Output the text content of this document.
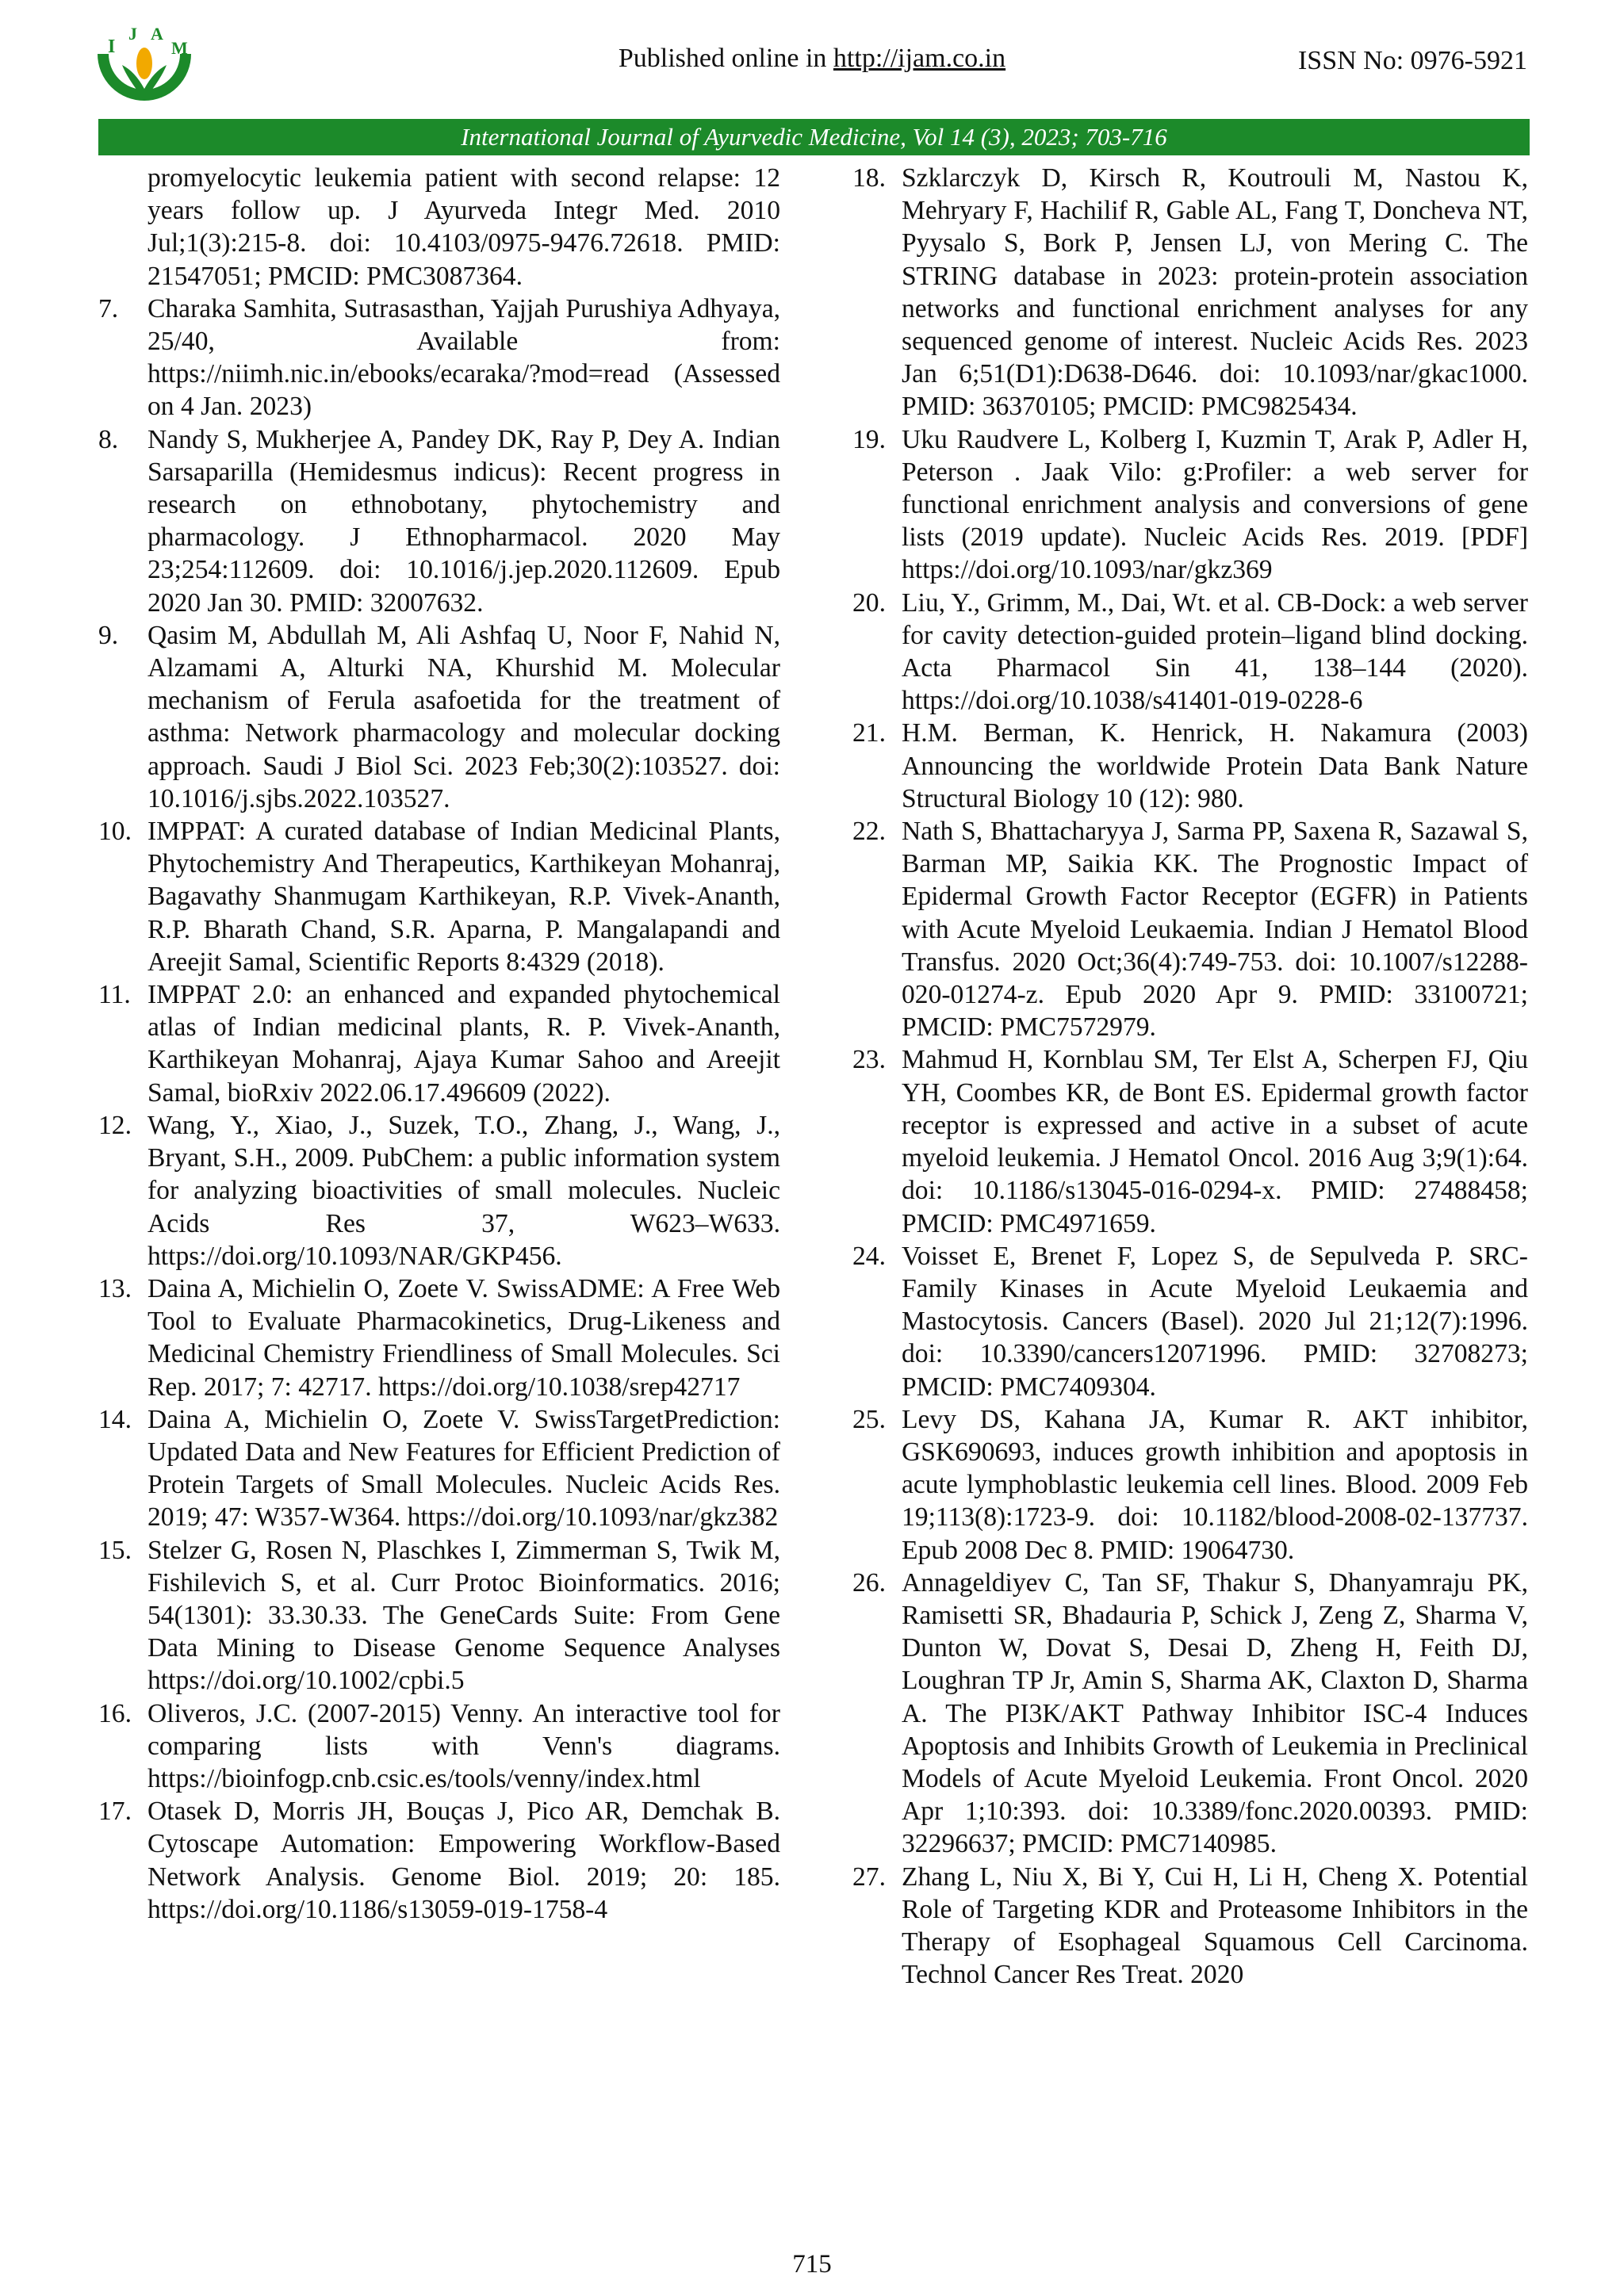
I
J A
M	Published online in http://ijam.co.in	ISSN No: 0976-5921
International Journal of Ayurvedic Medicine, Vol 14 (3), 2023; 703-716
promyelocytic leukemia patient with second relapse: 12 years follow up. J Ayurveda Integr Med. 2010 Jul;1(3):215-8. doi: 10.4103/0975-9476.72618. PMID: 21547051; PMCID: PMC3087364.
7.	Charaka Samhita, Sutrasasthan, Yajjah Purushiya Adhyaya, 25/40, Available from: https://niimh.nic.in/ebooks/ecaraka/?mod=read (Assessed on 4 Jan. 2023)
8.	Nandy S, Mukherjee A, Pandey DK, Ray P, Dey A. Indian Sarsaparilla (Hemidesmus indicus): Recent progress in research on ethnobotany, phytochemistry and pharmacology. J Ethnopharmacol. 2020 May 23;254:112609. doi: 10.1016/j.jep.2020.112609. Epub 2020 Jan 30. PMID: 32007632.
9.	Qasim M, Abdullah M, Ali Ashfaq U, Noor F, Nahid N, Alzamami A, Alturki NA, Khurshid M. Molecular mechanism of Ferula asafoetida for the treatment of asthma: Network pharmacology and molecular docking approach. Saudi J Biol Sci. 2023 Feb;30(2):103527. doi: 10.1016/j.sjbs.2022.103527.
10. IMPPAT: A curated database of Indian Medicinal Plants, Phytochemistry And Therapeutics, Karthikeyan Mohanraj, Bagavathy Shanmugam Karthikeyan, R.P. Vivek-Ananth, R.P. Bharath Chand, S.R. Aparna, P. Mangalapandi and Areejit Samal, Scientific Reports 8:4329 (2018).
11. IMPPAT 2.0: an enhanced and expanded phytochemical atlas of Indian medicinal plants, R. P. Vivek-Ananth, Karthikeyan Mohanraj, Ajaya Kumar Sahoo and Areejit Samal, bioRxiv 2022.06.17.496609 (2022).
12. Wang, Y., Xiao, J., Suzek, T.O., Zhang, J., Wang, J., Bryant, S.H., 2009. PubChem: a public information system for analyzing bioactivities of small molecules. Nucleic Acids Res 37, W623–W633. https://doi.org/10.1093/NAR/GKP456.
13. Daina A, Michielin O, Zoete V. SwissADME: A Free Web Tool to Evaluate Pharmacokinetics, Drug-Likeness and Medicinal Chemistry Friendliness of Small Molecules. Sci Rep. 2017; 7: 42717. https://doi.org/10.1038/srep42717
14. Daina A, Michielin O, Zoete V. SwissTargetPrediction: Updated Data and New Features for Efficient Prediction of Protein Targets of Small Molecules. Nucleic Acids Res. 2019; 47: W357-W364. https://doi.org/10.1093/nar/gkz382
15. Stelzer G, Rosen N, Plaschkes I, Zimmerman S, Twik M, Fishilevich S, et al. Curr Protoc Bioinformatics. 2016; 54(1301): 33.30.33. The GeneCards Suite: From Gene Data Mining to Disease Genome Sequence Analyses https://doi.org/10.1002/cpbi.5
16. Oliveros, J.C. (2007-2015) Venny. An interactive tool for comparing lists with Venn's diagrams. https://bioinfogp.cnb.csic.es/tools/venny/index.html
17. Otasek D, Morris JH, Bouças J, Pico AR, Demchak B. Cytoscape Automation: Empowering Workflow-Based Network Analysis. Genome Biol. 2019; 20: 185. https://doi.org/10.1186/s13059-019-1758-4
18. Szklarczyk D, Kirsch R, Koutrouli M, Nastou K, Mehryary F, Hachilif R, Gable AL, Fang T, Doncheva NT, Pyysalo S, Bork P, Jensen LJ, von Mering C. The STRING database in 2023: protein-protein association networks and functional enrichment analyses for any sequenced genome of interest. Nucleic Acids Res. 2023 Jan 6;51(D1):D638-D646. doi: 10.1093/nar/gkac1000. PMID: 36370105; PMCID: PMC9825434.
19. Uku Raudvere L, Kolberg I, Kuzmin T, Arak P, Adler H, Peterson . Jaak Vilo: g:Profiler: a web server for functional enrichment analysis and conversions of gene lists (2019 update). Nucleic Acids Res. 2019. [PDF] https://doi.org/10.1093/nar/gkz369
20. Liu, Y., Grimm, M., Dai, Wt. et al. CB-Dock: a web server for cavity detection-guided protein–ligand blind docking. Acta Pharmacol Sin 41, 138–144 (2020). https://doi.org/10.1038/s41401-019-0228-6
21. H.M. Berman, K. Henrick, H. Nakamura (2003) Announcing the worldwide Protein Data Bank Nature Structural Biology 10 (12): 980.
22. Nath S, Bhattacharyya J, Sarma PP, Saxena R, Sazawal S, Barman MP, Saikia KK. The Prognostic Impact of Epidermal Growth Factor Receptor (EGFR) in Patients with Acute Myeloid Leukaemia. Indian J Hematol Blood Transfus. 2020 Oct;36(4):749-753. doi: 10.1007/s12288-020-01274-z. Epub 2020 Apr 9. PMID: 33100721; PMCID: PMC7572979.
23. Mahmud H, Kornblau SM, Ter Elst A, Scherpen FJ, Qiu YH, Coombes KR, de Bont ES. Epidermal growth factor receptor is expressed and active in a subset of acute myeloid leukemia. J Hematol Oncol. 2016 Aug 3;9(1):64. doi: 10.1186/s13045-016-0294-x. PMID: 27488458; PMCID: PMC4971659.
24. Voisset E, Brenet F, Lopez S, de Sepulveda P. SRC-Family Kinases in Acute Myeloid Leukaemia and Mastocytosis. Cancers (Basel). 2020 Jul 21;12(7):1996. doi: 10.3390/cancers12071996. PMID: 32708273; PMCID: PMC7409304.
25. Levy DS, Kahana JA, Kumar R. AKT inhibitor, GSK690693, induces growth inhibition and apoptosis in acute lymphoblastic leukemia cell lines. Blood. 2009 Feb 19;113(8):1723-9. doi: 10.1182/blood-2008-02-137737. Epub 2008 Dec 8. PMID: 19064730.
26. Annageldiyev C, Tan SF, Thakur S, Dhanyamraju PK, Ramisetti SR, Bhadauria P, Schick J, Zeng Z, Sharma V, Dunton W, Dovat S, Desai D, Zheng H, Feith DJ, Loughran TP Jr, Amin S, Sharma AK, Claxton D, Sharma A. The PI3K/AKT Pathway Inhibitor ISC-4 Induces Apoptosis and Inhibits Growth of Leukemia in Preclinical Models of Acute Myeloid Leukemia. Front Oncol. 2020 Apr 1;10:393. doi: 10.3389/fonc.2020.00393. PMID: 32296637; PMCID: PMC7140985.
27. Zhang L, Niu X, Bi Y, Cui H, Li H, Cheng X. Potential Role of Targeting KDR and Proteasome Inhibitors in the Therapy of Esophageal Squamous Cell Carcinoma. Technol Cancer Res Treat. 2020
715
